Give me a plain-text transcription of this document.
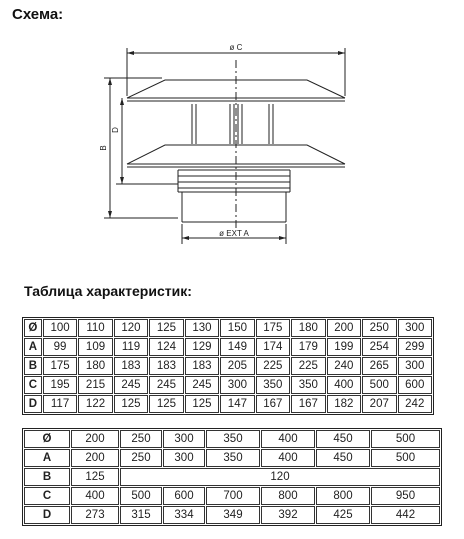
Схема:
ø C
ø EXT A
B
D
Таблица характеристик:
Ø	100	110	120	125	130	150	175	180	200	250	300
A	99	109	119	124	129	149	174	179	199	254	299
B	175	180	183	183	183	205	225	225	240	265	300
C	195	215	245	245	245	300	350	350	400	500	600
D	117	122	125	125	125	147	167	167	182	207	242
Ø	200	250	300	350	400	450	500
A	200	250	300	350	400	450	500
B	125	120					
C	400	500	600	700	800	800	950
D	273	315	334	349	392	425	442
